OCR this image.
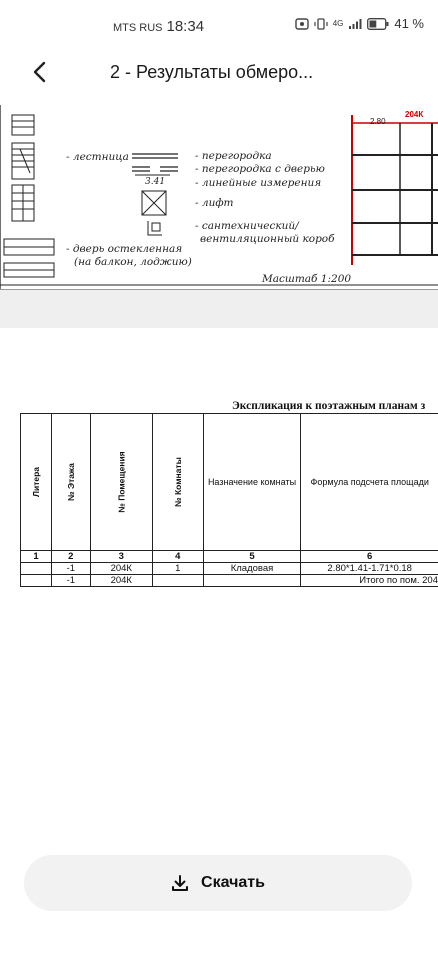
MTS RUS 18:34	4G	41 %
2 - Результаты обмеро...
- лестница	- перегородка
- перегородка с дверью
3.41	- линейные измерения
- лифт
- сантехнический/
вентиляционный короб
- дверь остекленная
(на балкон, лоджию)
Масштаб 1:200
2.80
204К
Экспликация к поэтажным планам з
Литера	№ Этажа	№ Помещения	№ Комнаты	Назначение комнаты	Формула подсчета площади
1	2	3	4	5	6
	-1	204К	1	Кладовая	2.80*1.41-1.71*0.18
	-1	204К			Итого по пом. 204
Скачать
